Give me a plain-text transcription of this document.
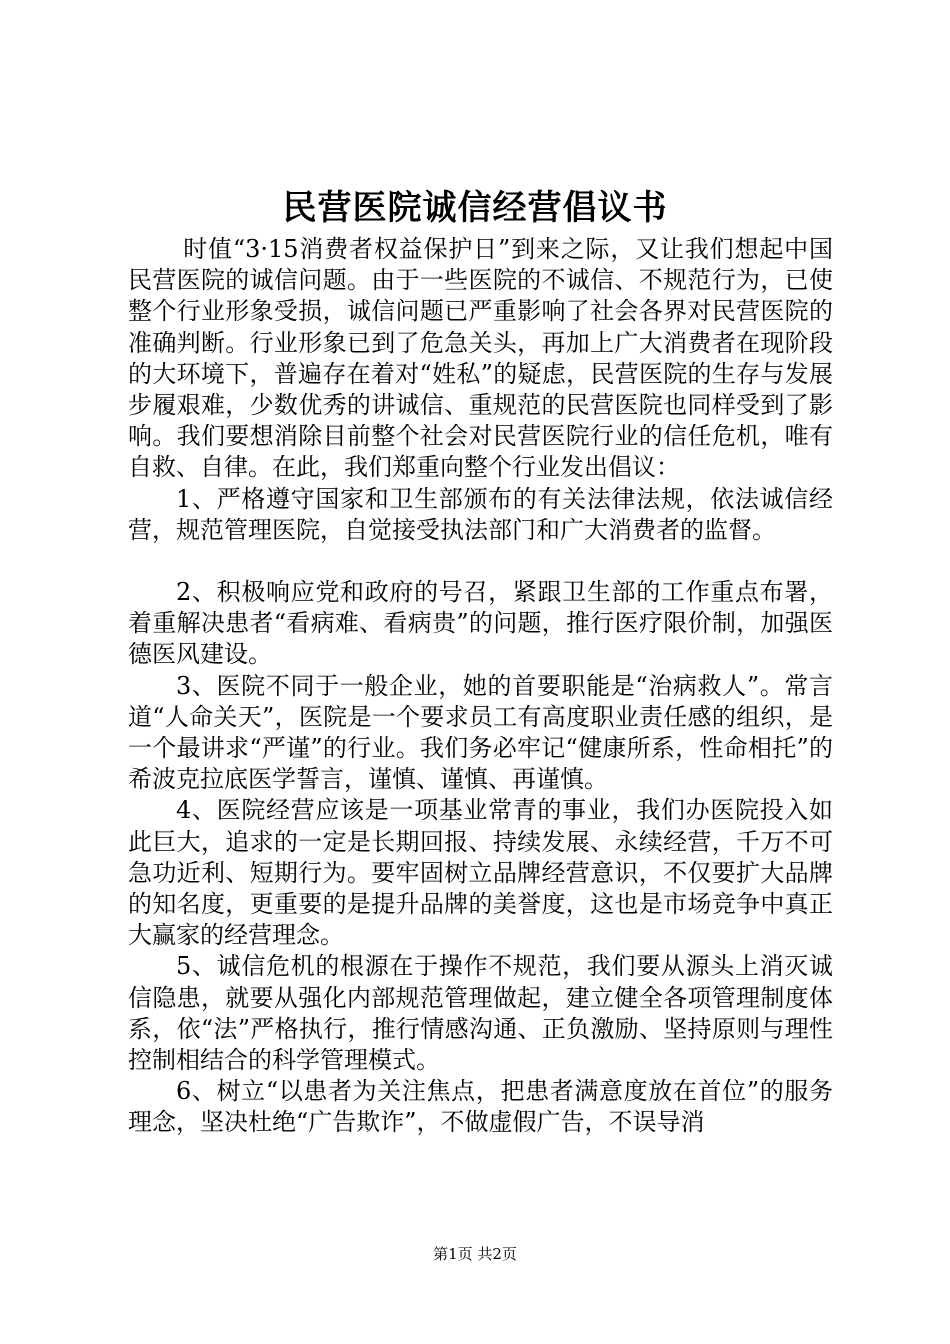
民营医院诚信经营倡议书

时值“3·15消费者权益保护日”到来之际，又让我们想起中国民营医院的诚信问题。由于一些医院的不诚信、不规范行为，已使整个行业形象受损，诚信问题已严重影响了社会各界对民营医院的准确判断。行业形象已到了危急关头，再加上广大消费者在现阶段的大环境下，普遍存在着对“姓私”的疑虑，民营医院的生存与发展步履艰难，少数优秀的讲诚信、重规范的民营医院也同样受到了影响。我们要想消除目前整个社会对民营医院行业的信任危机，唯有自救、自律。在此，我们郑重向整个行业发出倡议：

1、严格遵守国家和卫生部颁布的有关法律法规，依法诚信经营，规范管理医院，自觉接受执法部门和广大消费者的监督。

2、积极响应党和政府的号召，紧跟卫生部的工作重点布署，着重解决患者“看病难、看病贵”的问题，推行医疗限价制，加强医德医风建设。

3、医院不同于一般企业，她的首要职能是“治病救人”。常言道“人命关天”，医院是一个要求员工有高度职业责任感的组织，是一个最讲求“严谨”的行业。我们务必牢记“健康所系，性命相托”的希波克拉底医学誓言，谨慎、谨慎、再谨慎。

4、医院经营应该是一项基业常青的事业，我们办医院投入如此巨大，追求的一定是长期回报、持续发展、永续经营，千万不可急功近利、短期行为。要牢固树立品牌经营意识，不仅要扩大品牌的知名度，更重要的是提升品牌的美誉度，这也是市场竞争中真正大赢家的经营理念。

5、诚信危机的根源在于操作不规范，我们要从源头上消灭诚信隐患，就要从强化内部规范管理做起，建立健全各项管理制度体系，依“法”严格执行，推行情感沟通、正负激励、坚持原则与理性控制相结合的科学管理模式。

6、树立“以患者为关注焦点，把患者满意度放在首位”的服务理念，坚决杜绝“广告欺诈”，不做虚假广告，不误导消

第1页 共2页
